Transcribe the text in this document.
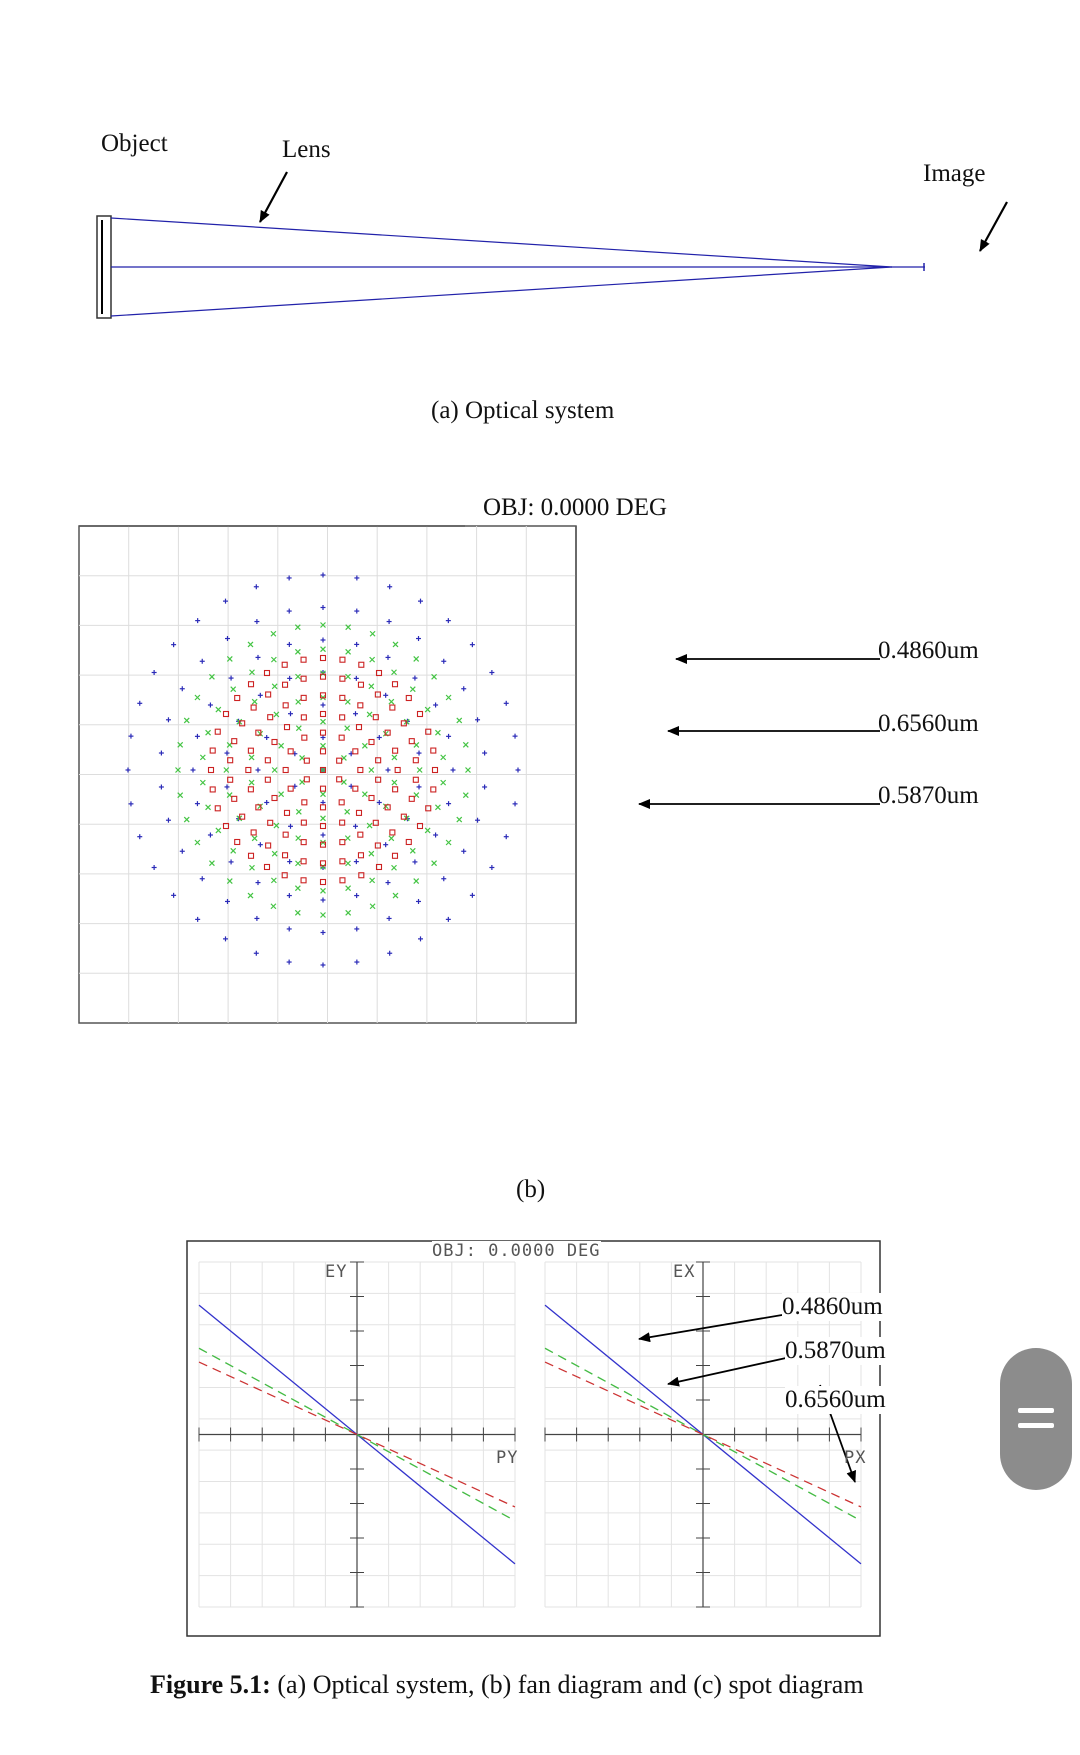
Object	Lens
Image
(a) Optical system
OBJ: 0.0000 DEG
0.4860um
0.6560um
0.5870um
(b)
OBJ: 0.0000 DEG
EY	EX
PY	PX
0.4860um
0.5870um
0.6560um
Figure 5.1: (a) Optical system, (b) fan diagram and (c) spot diagram
